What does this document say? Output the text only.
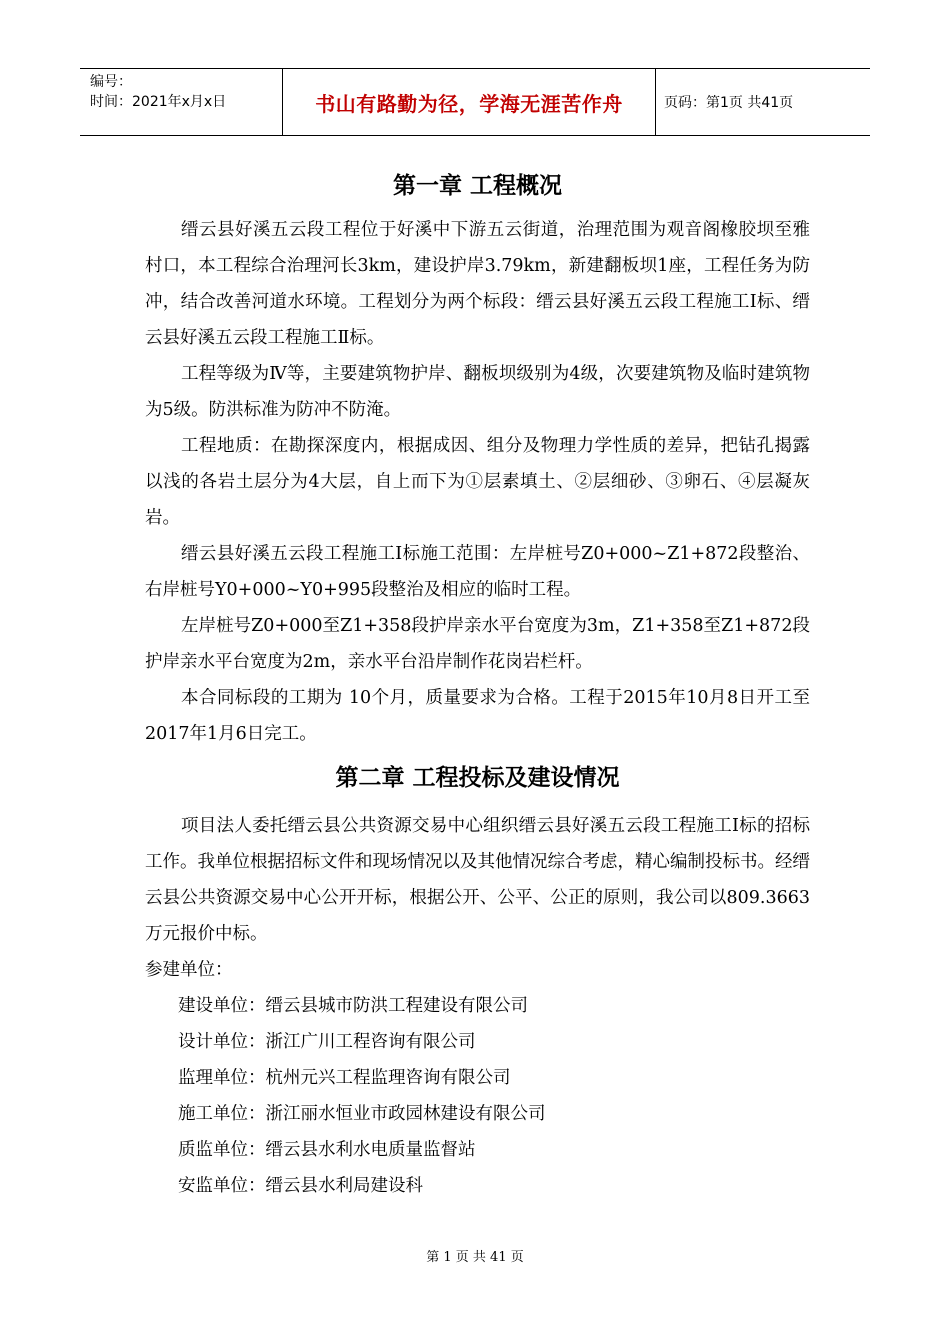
编号：
时间：2021年x月x日	书山有路勤为径，学海无涯苦作舟	页码：第1页 共41页
第一章 工程概况

缙云县好溪五云段工程位于好溪中下游五云街道，治理范围为观音阁橡胶坝至雅村口，本工程综合治理河长3km，建设护岸3.79km，新建翻板坝1座，工程任务为防冲，结合改善河道水环境。工程划分为两个标段：缙云县好溪五云段工程施工Ⅰ标、缙云县好溪五云段工程施工Ⅱ标。

工程等级为Ⅳ等，主要建筑物护岸、翻板坝级别为4级，次要建筑物及临时建筑物为5级。防洪标准为防冲不防淹。

工程地质：在勘探深度内，根据成因、组分及物理力学性质的差异，把钻孔揭露以浅的各岩土层分为4大层，自上而下为①层素填土、②层细砂、③卵石、④层凝灰岩。

缙云县好溪五云段工程施工Ⅰ标施工范围：左岸桩号Z0+000~Z1+872段整治、右岸桩号Y0+000~Y0+995段整治及相应的临时工程。

左岸桩号Z0+000至Z1+358段护岸亲水平台宽度为3m，Z1+358至Z1+872段护岸亲水平台宽度为2m，亲水平台沿岸制作花岗岩栏杆。

本合同标段的工期为 10个月，质量要求为合格。工程于2015年10月8日开工至2017年1月6日完工。

第二章 工程投标及建设情况

项目法人委托缙云县公共资源交易中心组织缙云县好溪五云段工程施工Ⅰ标的招标工作。我单位根据招标文件和现场情况以及其他情况综合考虑，精心编制投标书。经缙云县公共资源交易中心公开开标，根据公开、公平、公正的原则，我公司以809.3663万元报价中标。

参建单位：

建设单位：缙云县城市防洪工程建设有限公司
设计单位：浙江广川工程咨询有限公司
监理单位：杭州元兴工程监理咨询有限公司
施工单位：浙江丽水恒业市政园林建设有限公司
质监单位：缙云县水利水电质量监督站
安监单位：缙云县水利局建设科
第 1 页 共 41 页
